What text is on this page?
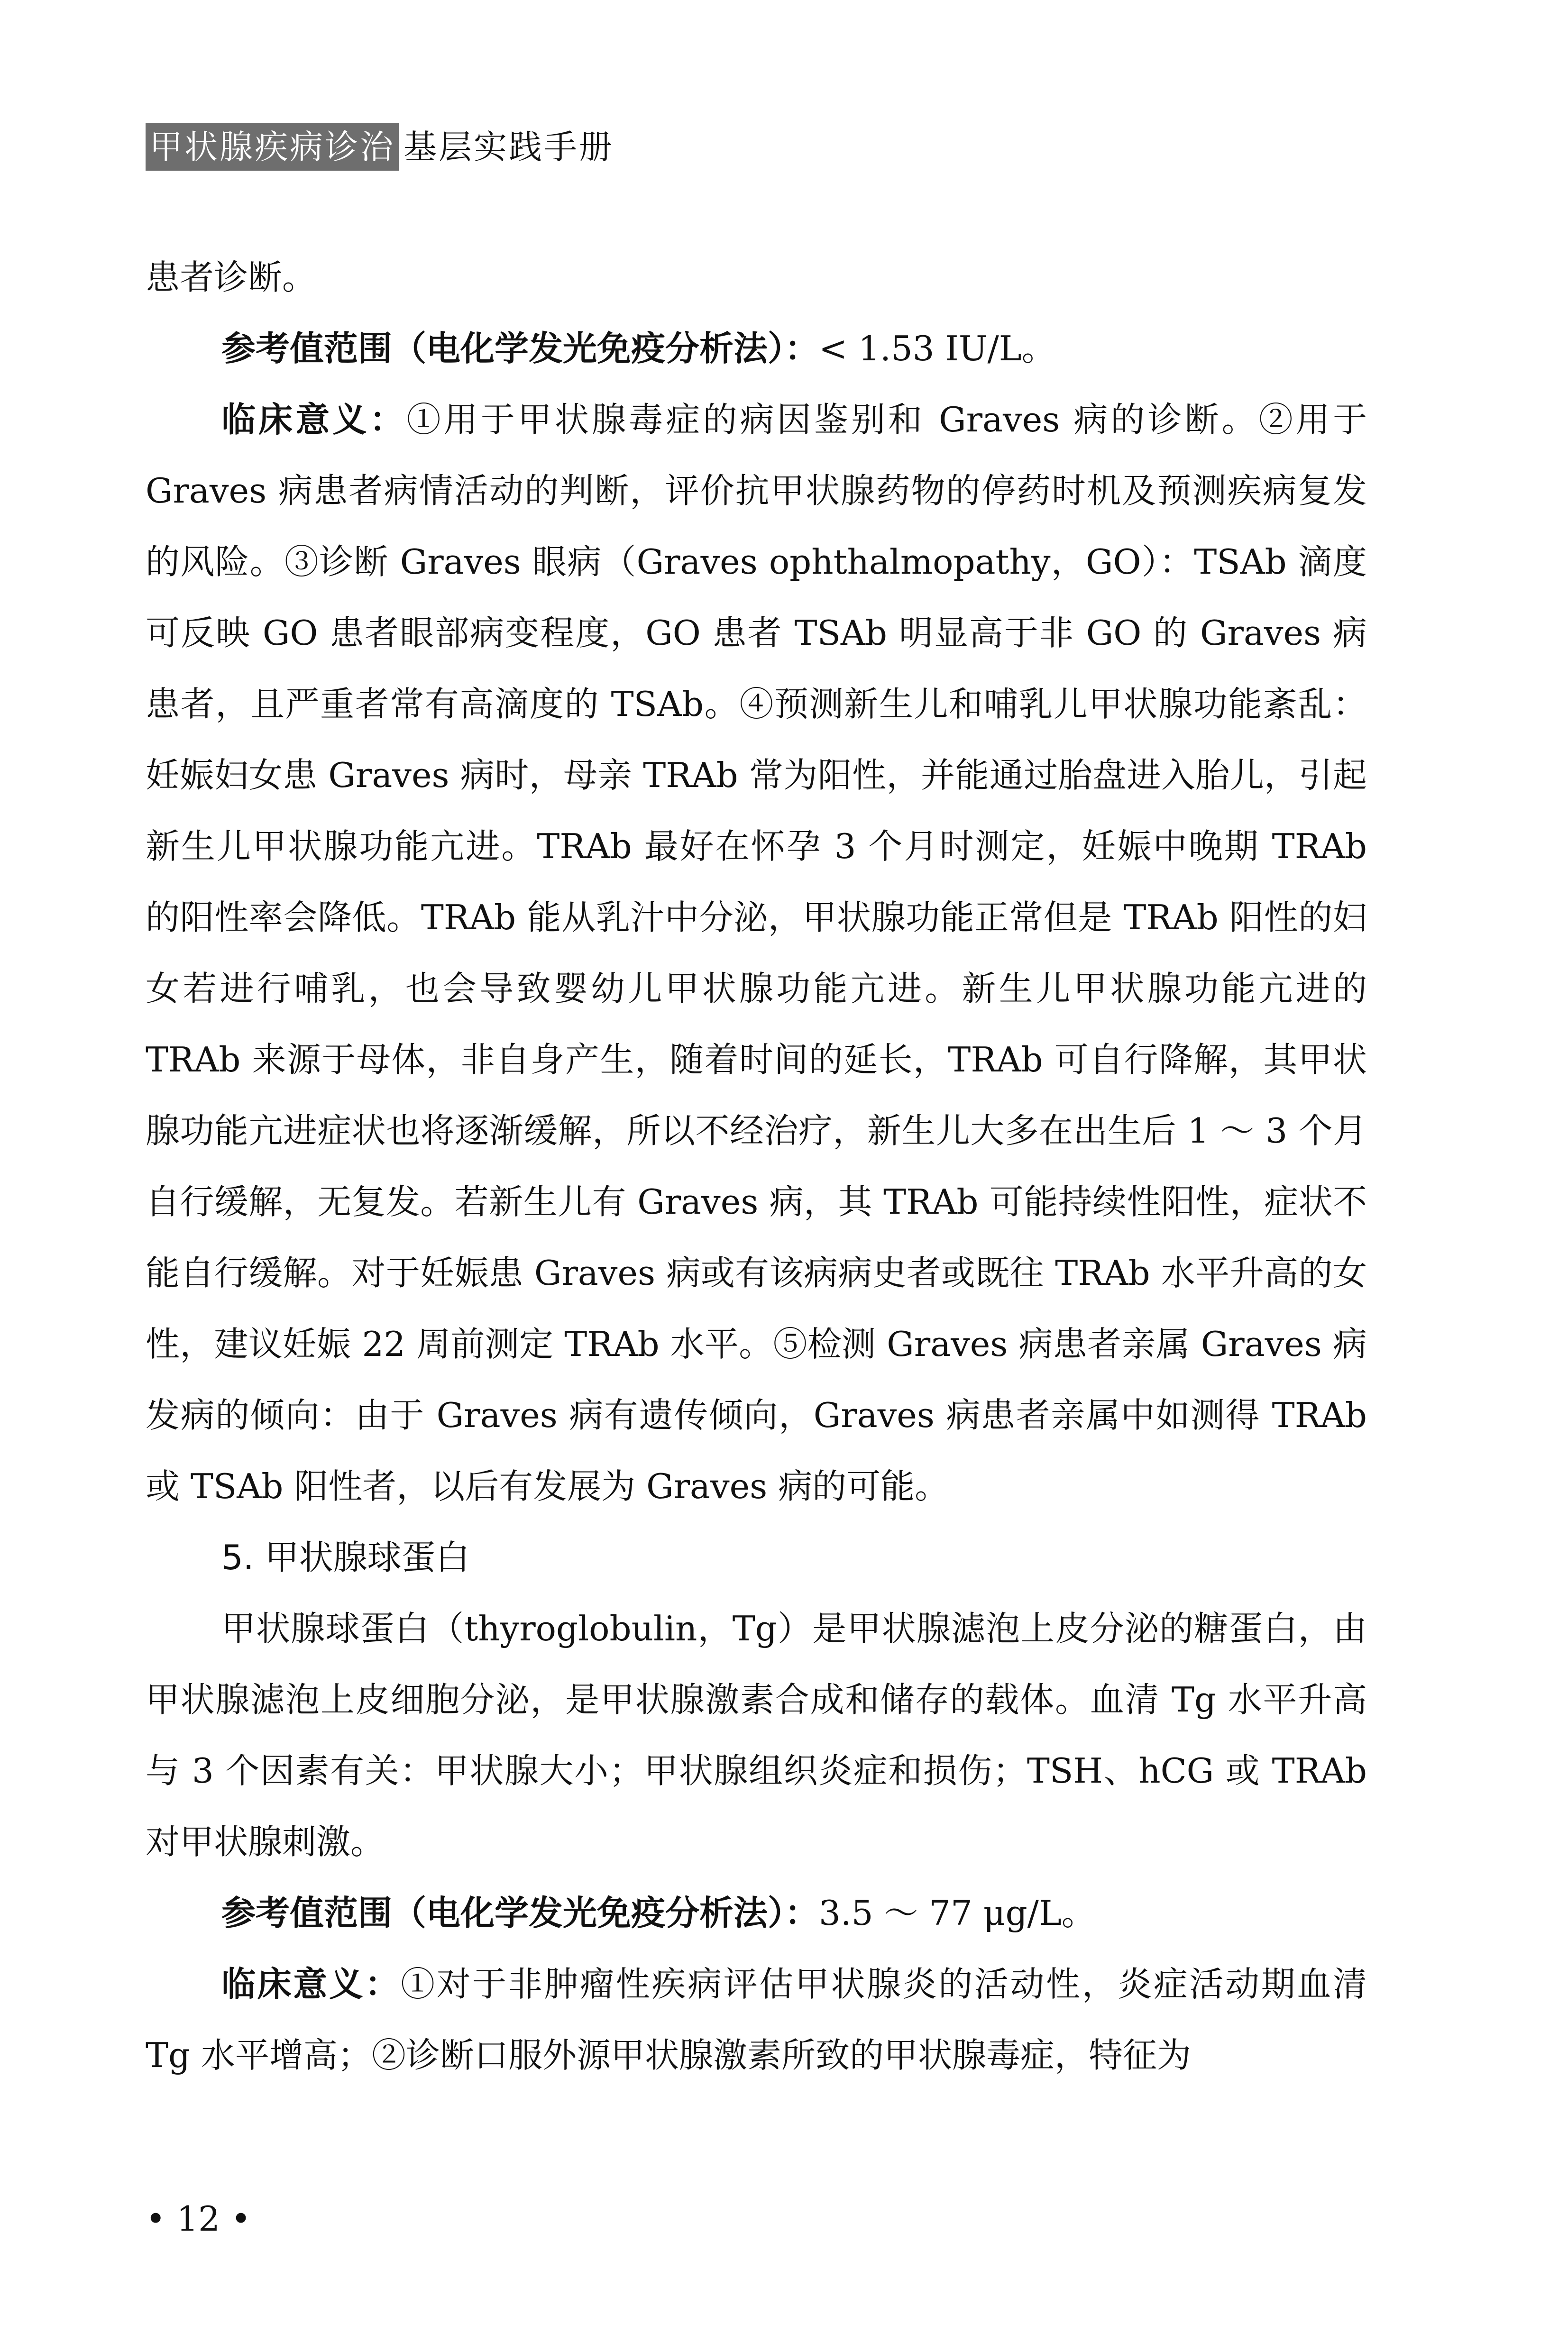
甲状腺疾病诊治 基层实践手册

患者诊断。

参考值范围（电化学发光免疫分析法）：< 1.53 IU/L。

临床意义：①用于甲状腺毒症的病因鉴别和 Graves 病的诊断。②用于 Graves 病患者病情活动的判断，评价抗甲状腺药物的停药时机及预测疾病复发的风险。③诊断 Graves 眼病（Graves ophthalmopathy，GO）：TSAb 滴度可反映 GO 患者眼部病变程度，GO 患者 TSAb 明显高于非 GO 的 Graves 病患者，且严重者常有高滴度的 TSAb。④预测新生儿和哺乳儿甲状腺功能紊乱：妊娠妇女患 Graves 病时，母亲 TRAb 常为阳性，并能通过胎盘进入胎儿，引起新生儿甲状腺功能亢进。TRAb 最好在怀孕 3 个月时测定，妊娠中晚期 TRAb 的阳性率会降低。TRAb 能从乳汁中分泌，甲状腺功能正常但是 TRAb 阳性的妇女若进行哺乳，也会导致婴幼儿甲状腺功能亢进。新生儿甲状腺功能亢进的 TRAb 来源于母体，非自身产生，随着时间的延长，TRAb 可自行降解，其甲状腺功能亢进症状也将逐渐缓解，所以不经治疗，新生儿大多在出生后 1 ～ 3 个月自行缓解，无复发。若新生儿有 Graves 病，其 TRAb 可能持续性阳性，症状不能自行缓解。对于妊娠患 Graves 病或有该病病史者或既往 TRAb 水平升高的女性，建议妊娠 22 周前测定 TRAb 水平。⑤检测 Graves 病患者亲属 Graves 病发病的倾向：由于 Graves 病有遗传倾向，Graves 病患者亲属中如测得 TRAb 或 TSAb 阳性者，以后有发展为 Graves 病的可能。

5. 甲状腺球蛋白

甲状腺球蛋白（thyroglobulin，Tg）是甲状腺滤泡上皮分泌的糖蛋白，由甲状腺滤泡上皮细胞分泌，是甲状腺激素合成和储存的载体。血清 Tg 水平升高与 3 个因素有关：甲状腺大小；甲状腺组织炎症和损伤；TSH、hCG 或 TRAb 对甲状腺刺激。

参考值范围（电化学发光免疫分析法）：3.5 ～ 77 μg/L。

临床意义：①对于非肿瘤性疾病评估甲状腺炎的活动性，炎症活动期血清 Tg 水平增高；②诊断口服外源甲状腺激素所致的甲状腺毒症，特征为

• 12 •
